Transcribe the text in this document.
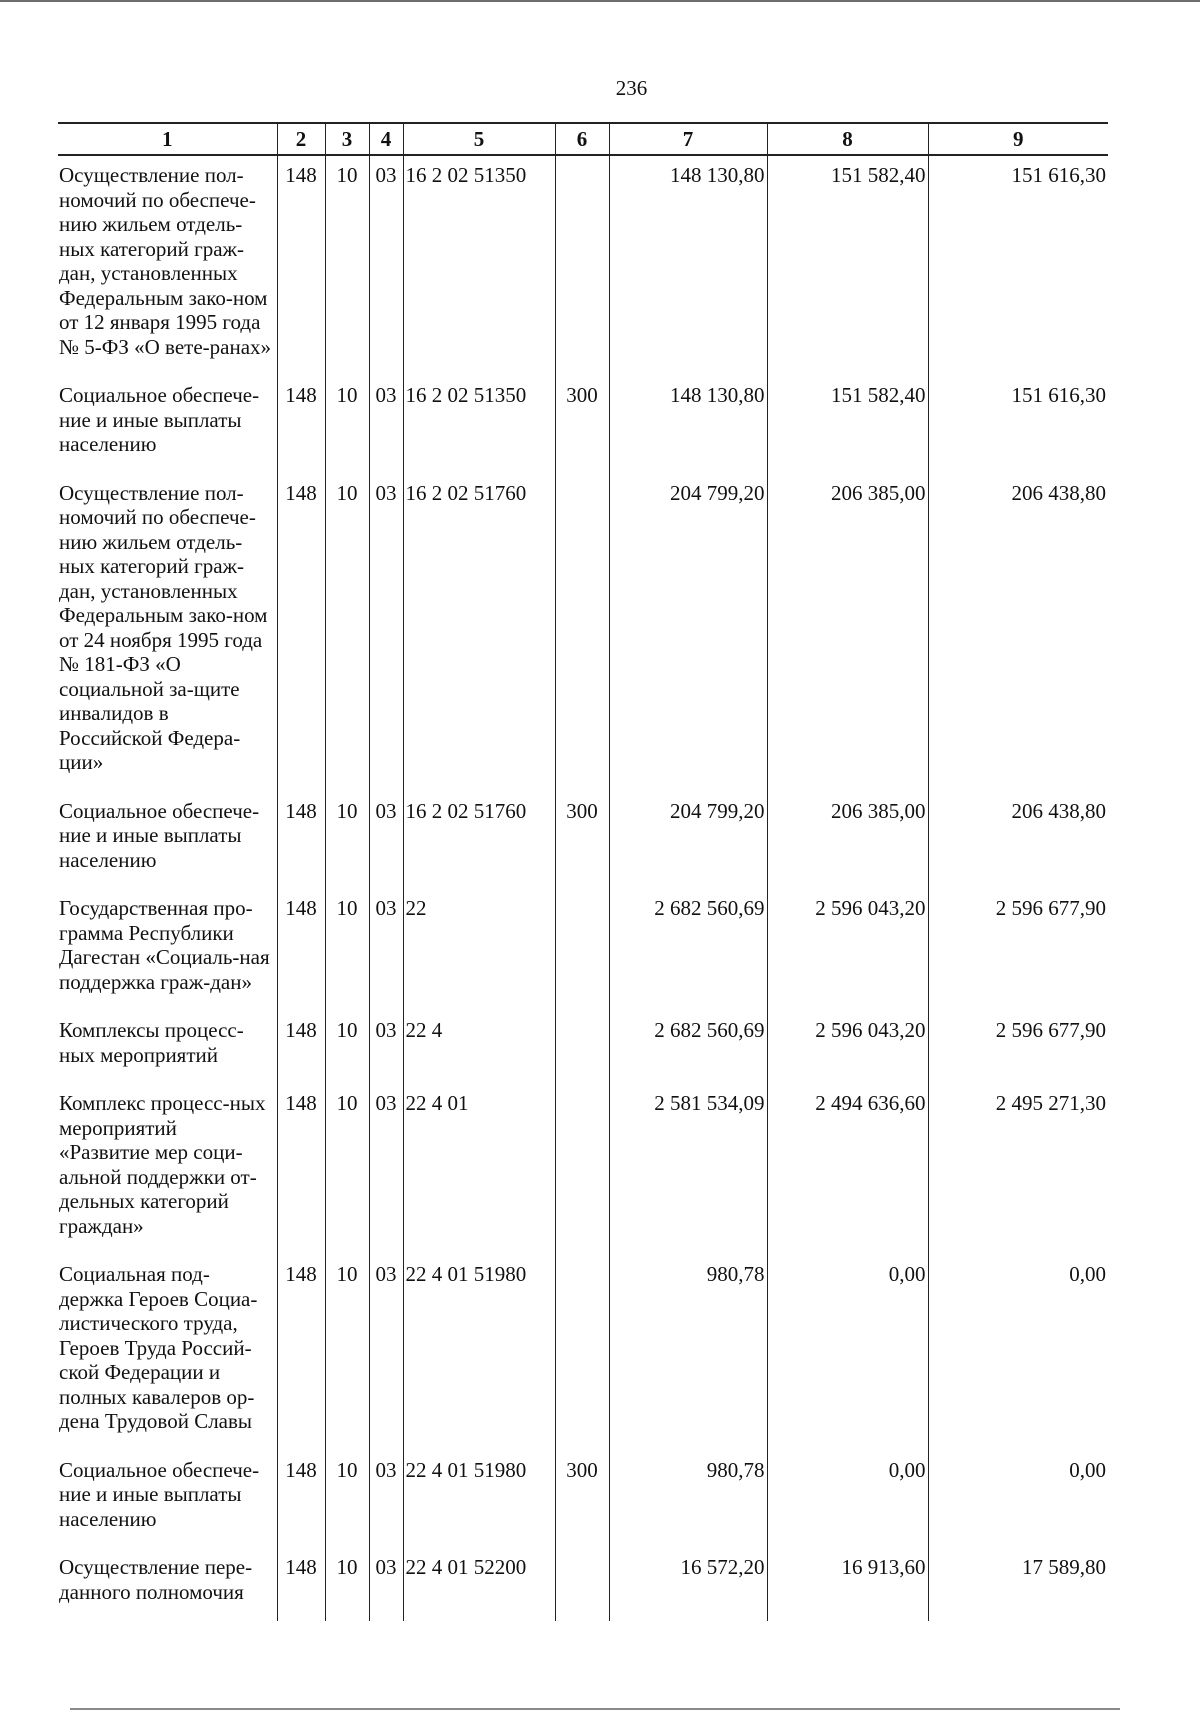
236
1	2	3	4	5	6	7	8	9

Осуществление пол-номочий по обеспече-нию жильем отдель-ных категорий граж-дан, установленных Федеральным зако-ном от 12 января 1995 года № 5-ФЗ «О вете-ранах»	148	10	03	16 2 02 51350		148 130,80	151 582,40	151 616,30

Социальное обеспече-ние и иные выплаты населению	148	10	03	16 2 02 51350	300	148 130,80	151 582,40	151 616,30

Осуществление пол-номочий по обеспече-нию жильем отдель-ных категорий граж-дан, установленных Федеральным зако-ном от 24 ноября 1995 года № 181-ФЗ «О социальной за-щите инвалидов в Российской Федера-ции»	148	10	03	16 2 02 51760		204 799,20	206 385,00	206 438,80

Социальное обеспече-ние и иные выплаты населению	148	10	03	16 2 02 51760	300	204 799,20	206 385,00	206 438,80

Государственная про-грамма Республики Дагестан «Социаль-ная поддержка граж-дан»	148	10	03	22		2 682 560,69	2 596 043,20	2 596 677,90

Комплексы процесс-ных мероприятий	148	10	03	22 4		2 682 560,69	2 596 043,20	2 596 677,90

Комплекс процесс-ных мероприятий «Развитие мер соци-альной поддержки от-дельных категорий граждан»	148	10	03	22 4 01		2 581 534,09	2 494 636,60	2 495 271,30

Социальная под-держка Героев Социа-листического труда, Героев Труда Россий-ской Федерации и полных кавалеров ор-дена Трудовой Славы	148	10	03	22 4 01 51980		980,78	0,00	0,00

Социальное обеспече-ние и иные выплаты населению	148	10	03	22 4 01 51980	300	980,78	0,00	0,00

Осуществление пере-данного полномочия	148	10	03	22 4 01 52200		16 572,20	16 913,60	17 589,80
